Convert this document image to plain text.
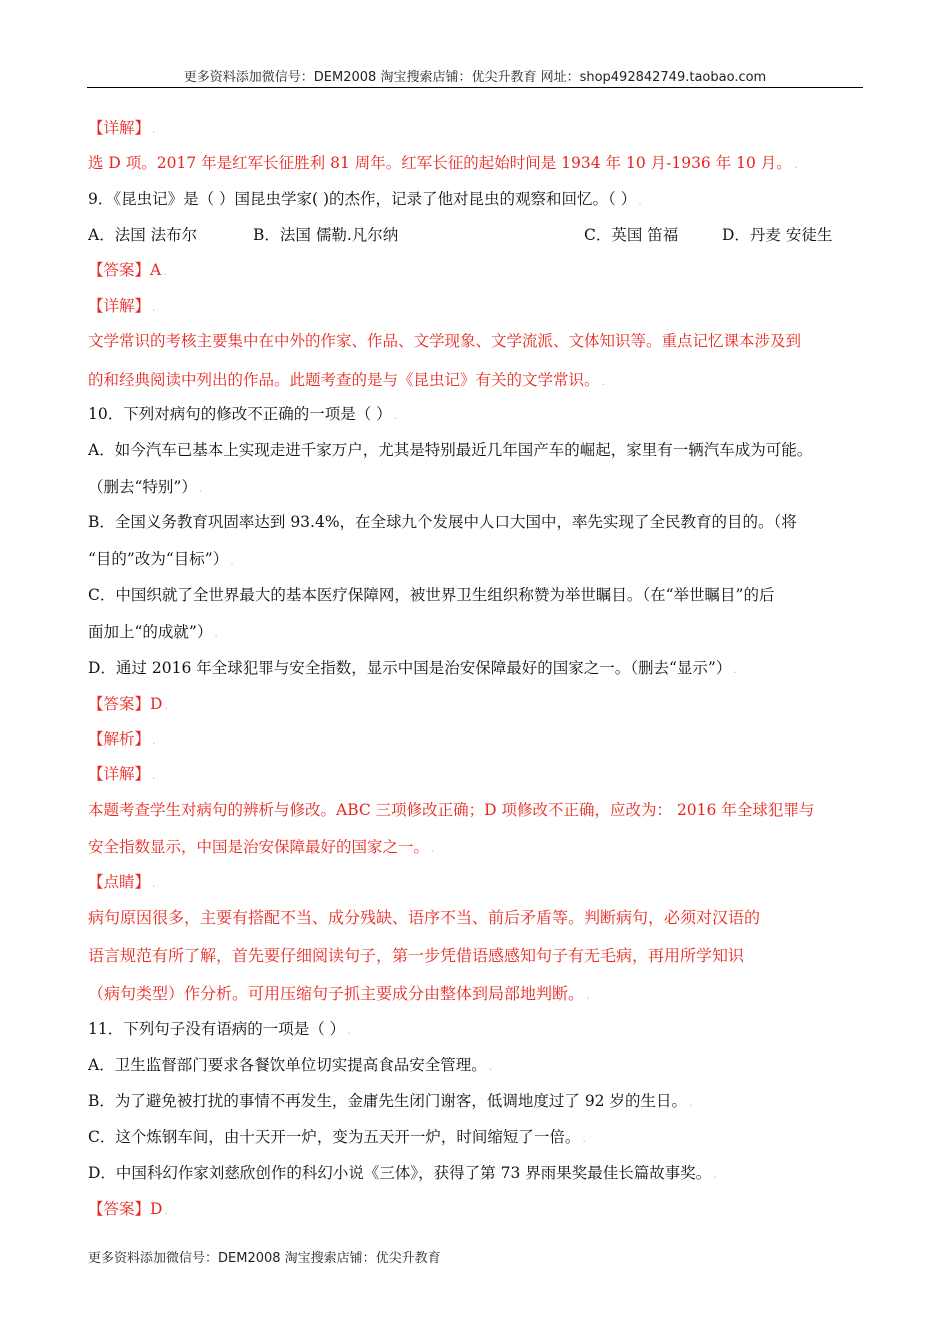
更多资料添加微信号：DEM2008 淘宝搜索店铺：优尖升教育 网址：shop492842749.taobao.com
【详解】 .
选 D 项。2017 年是红军长征胜利 81 周年。红军长征的起始时间是 1934 年 10 月-1936 年 10 月。 .
9．《昆虫记》是（ ）国昆虫学家( )的杰作，记录了他对昆虫的观察和回忆。（ ） .
A．法国 法布尔	B．法国 儒勒.凡尔纳	C．英国 笛福	D．丹麦 安徒生
【答案】A .
【详解】 .
文学常识的考核主要集中在中外的作家、作品、文学现象、文学流派、文体知识等。重点记忆课本涉及到
的和经典阅读中列出的作品。此题考查的是与《昆虫记》有关的文学常识。 .
10．下列对病句的修改不正确的一项是（ ） .
A．如今汽车已基本上实现走进千家万户，尤其是特别最近几年国产车的崛起，家里有一辆汽车成为可能。
（删去“特别”） .
B．全国义务教育巩固率达到 93.4%，在全球九个发展中人口大国中，率先实现了全民教育的目的。（将
“目的”改为“目标”） .
C．中国织就了全世界最大的基本医疗保障网，被世界卫生组织称赞为举世瞩目。（在“举世瞩目”的后
面加上“的成就”） .
D．通过 2016 年全球犯罪与安全指数，显示中国是治安保障最好的国家之一。（删去“显示”） .
【答案】D .
【解析】 .
【详解】 .
本题考查学生对病句的辨析与修改。ABC 三项修改正确；D 项修改不正确，应改为： 2016 年全球犯罪与
安全指数显示，中国是治安保障最好的国家之一。 .
【点睛】 .
病句原因很多，主要有搭配不当、成分残缺、语序不当、前后矛盾等。判断病句，必须对汉语的
语言规范有所了解，首先要仔细阅读句子，第一步凭借语感感知句子有无毛病，再用所学知识
（病句类型）作分析。可用压缩句子抓主要成分由整体到局部地判断。 .
11．下列句子没有语病的一项是（ ） .
A．卫生监督部门要求各餐饮单位切实提高食品安全管理。 .
B．为了避免被打扰的事情不再发生，金庸先生闭门谢客，低调地度过了 92 岁的生日。 .
C．这个炼钢车间，由十天开一炉，变为五天开一炉，时间缩短了一倍。 .
D．中国科幻作家刘慈欣创作的科幻小说《三体》，获得了第 73 界雨果奖最佳长篇故事奖。 .
【答案】D .
更多资料添加微信号：DEM2008 淘宝搜索店铺：优尖升教育
